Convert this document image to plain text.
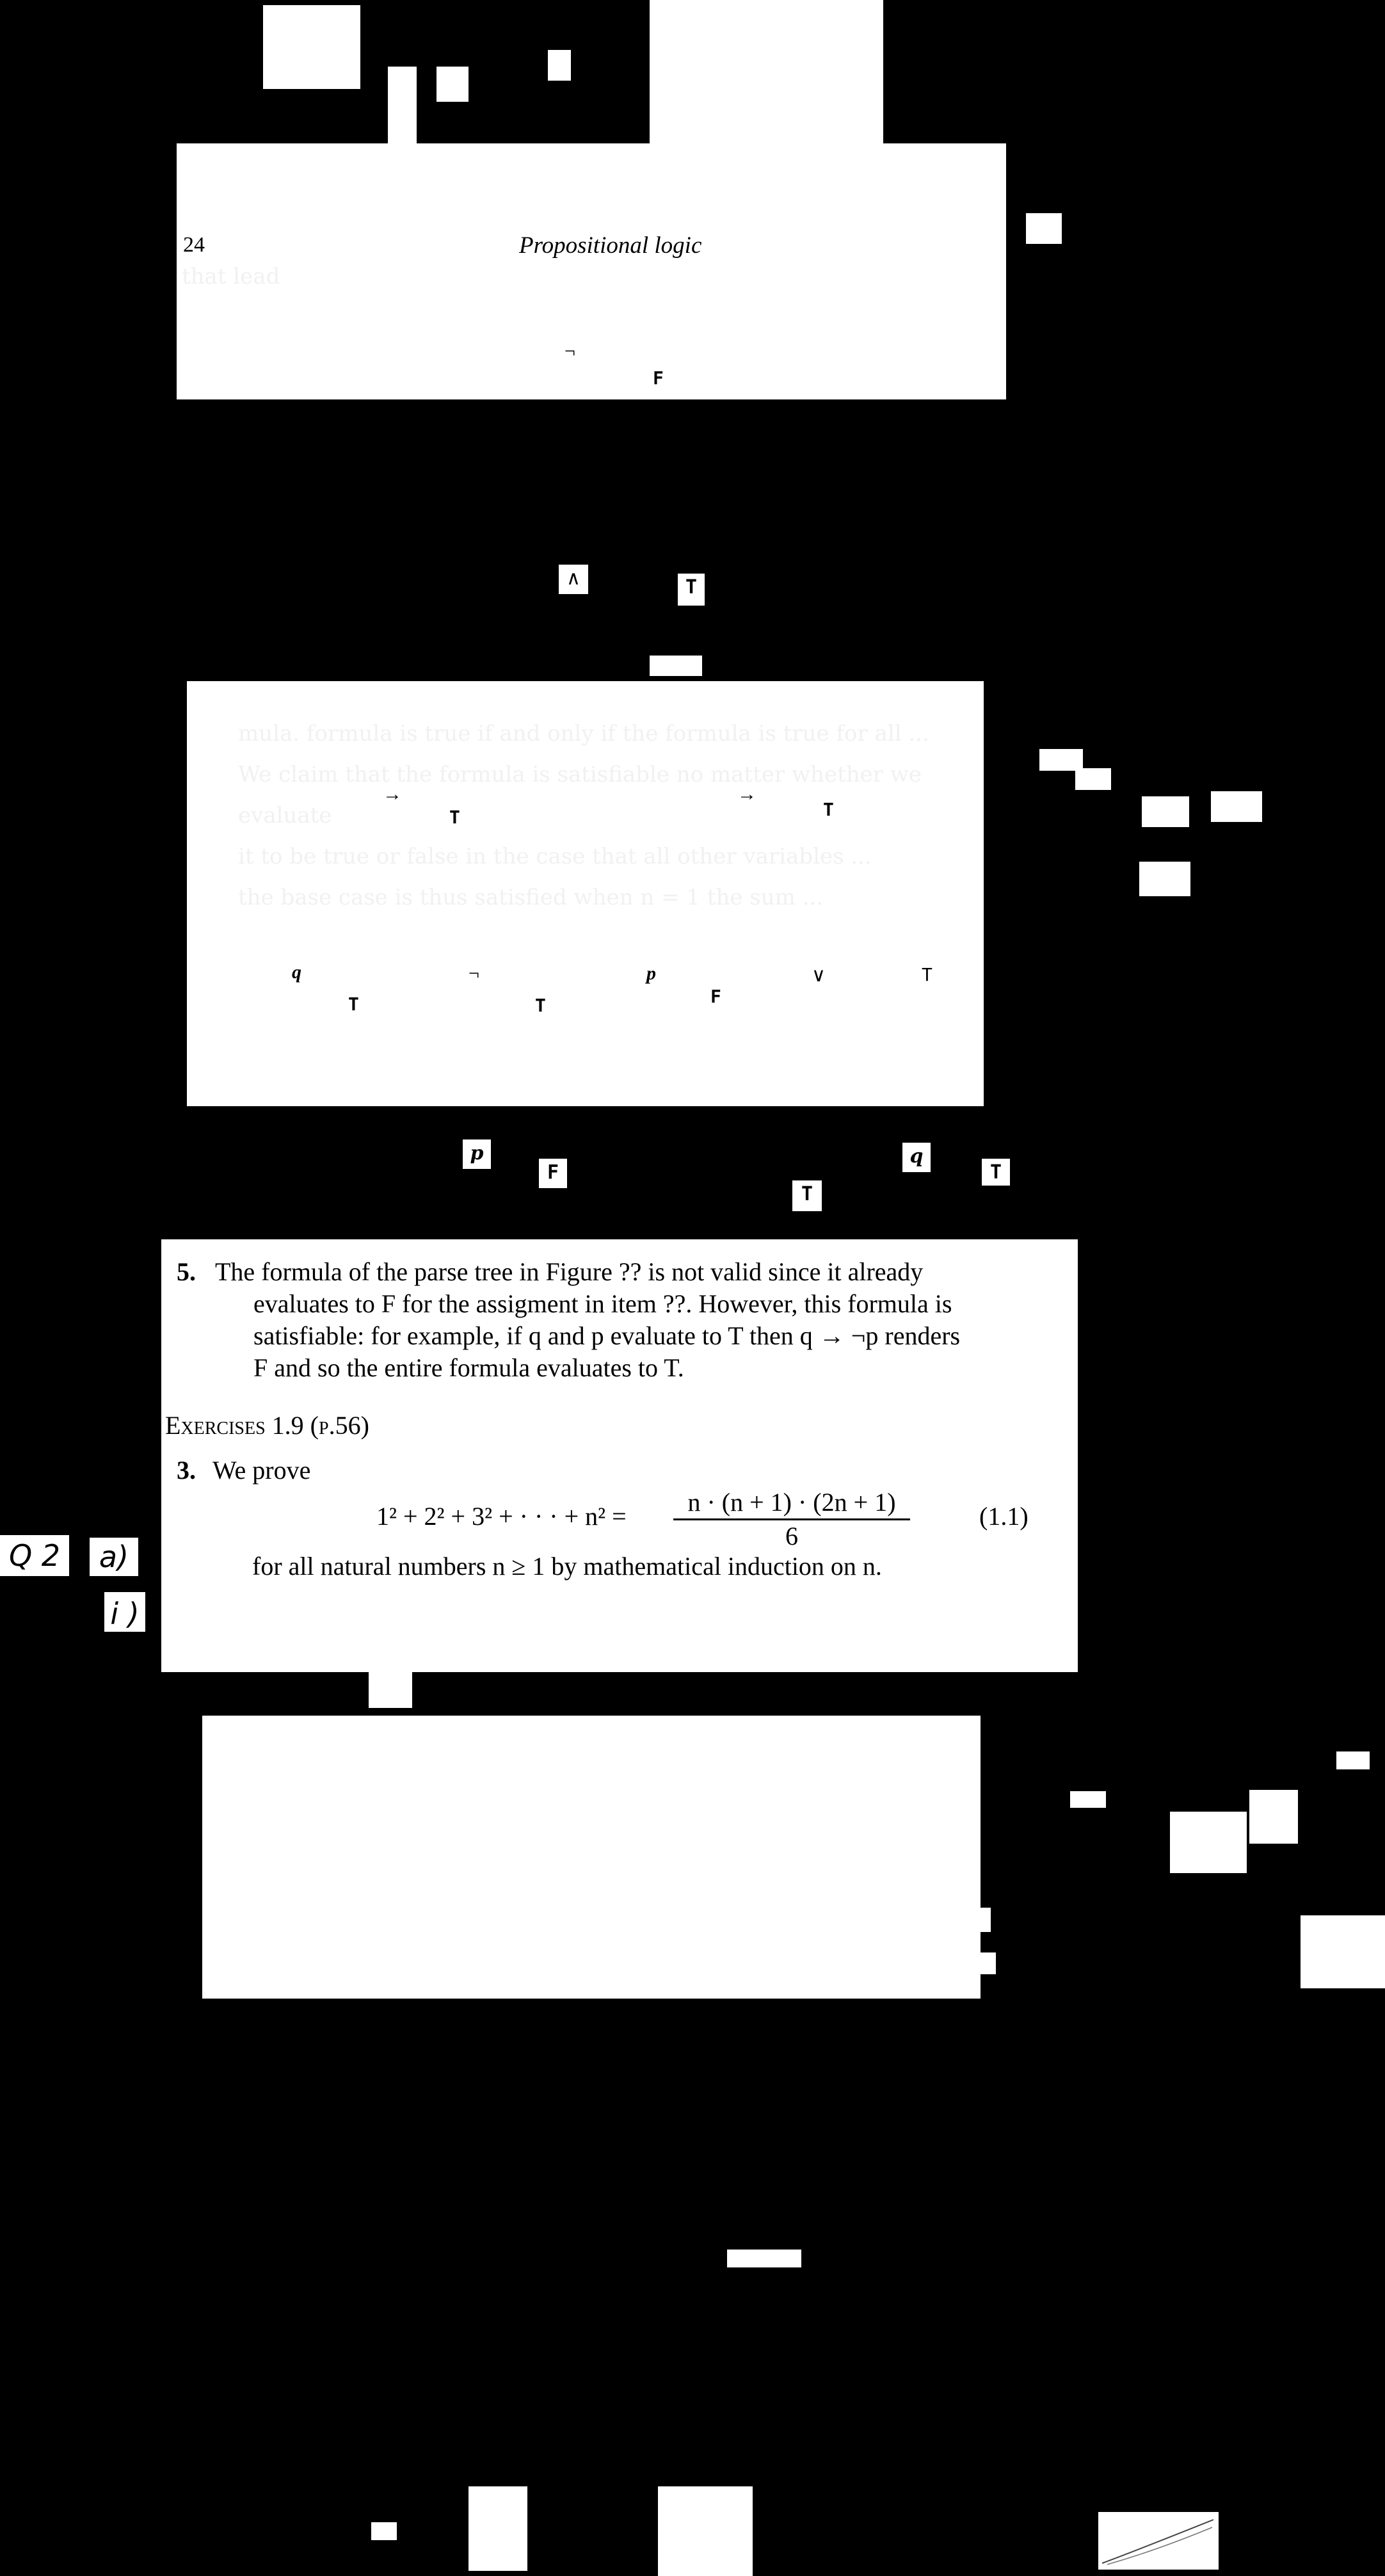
24	Propositional logic
that lead
¬
F
∧	T
mula. formula is true if and only if the formula is true for all ...
We claim that the formula is satisfiable no matter whether we evaluate
it to be true or false in the case that all other variables ...
the base case is thus satisfied when n = 1 the sum ...
→
T
→
T
q
T
¬
T
p
F
∨	T
p
F
q
T
T
5. The formula of the parse tree in Figure ?? is not valid since it already
evaluates to F for the assigment in item ??. However, this formula is
satisfiable: for example, if q and p evaluate to T then q → ¬p renders
F and so the entire formula evaluates to T.
Exercises 1.9 (p.56)
3. We prove
1² + 2² + 3² + · · · + $n^2 = \frac{n \cdot (n + 1) \cdot (2n + 1)}{6}$	(1.1)
for all natural numbers n ≥ 1 by mathematical induction on n.
Q 2	a)
i )
